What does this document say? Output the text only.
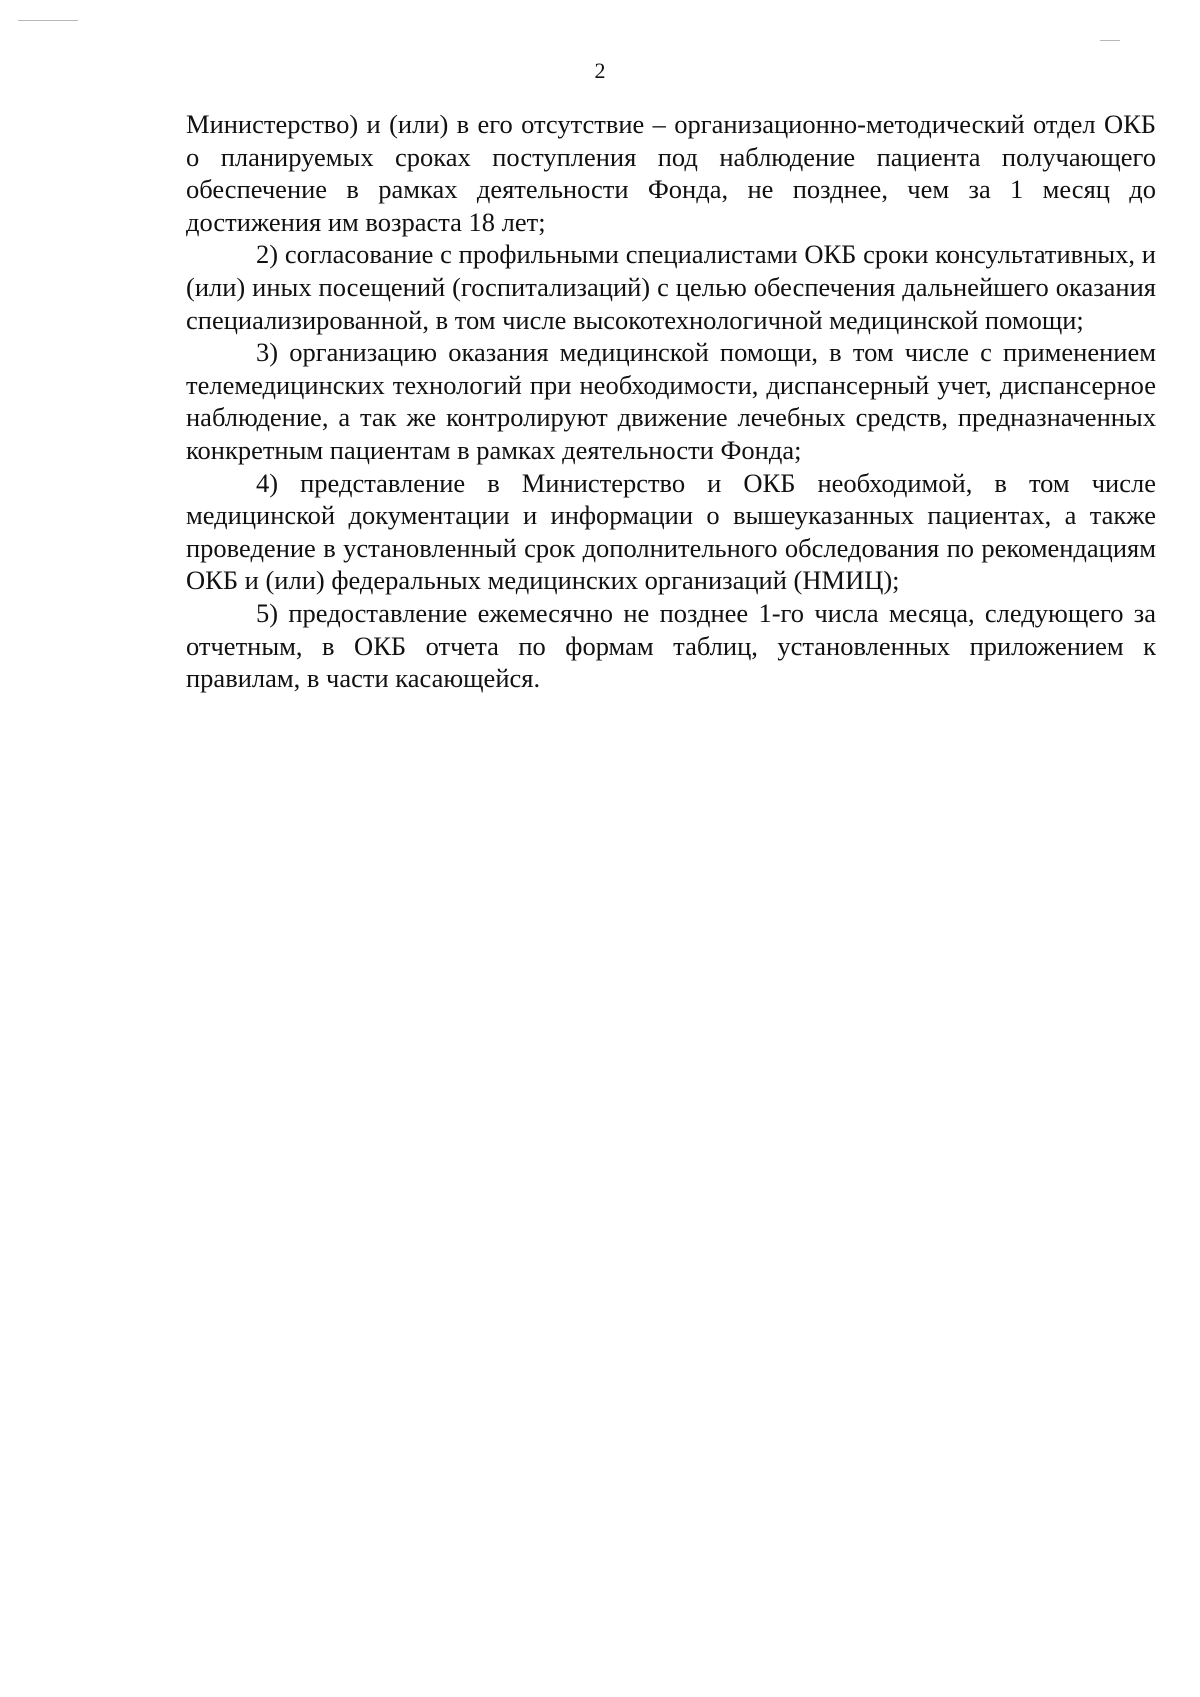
2

Министерство) и (или) в его отсутствие – организационно-методический отдел ОКБ о планируемых сроках поступления под наблюдение пациента получающего обеспечение в рамках деятельности Фонда, не позднее, чем за 1 месяц до достижения им возраста 18 лет;

2) согласование с профильными специалистами ОКБ сроки консультативных, и (или) иных посещений (госпитализаций) с целью обеспечения дальнейшего оказания специализированной, в том числе высокотехнологичной медицинской помощи;

3) организацию оказания медицинской помощи, в том числе с применением телемедицинских технологий при необходимости, диспансерный учет, диспансерное наблюдение, а так же контролируют движение лечебных средств, предназначенных конкретным пациентам в рамках деятельности Фонда;

4) представление в Министерство и ОКБ необходимой, в том числе медицинской документации и информации о вышеуказанных пациентах, а также проведение в установленный срок дополнительного обследования по рекомендациям ОКБ и (или) федеральных медицинских организаций (НМИЦ);

5) предоставление ежемесячно не позднее 1-го числа месяца, следующего за отчетным, в ОКБ отчета по формам таблиц, установленных приложением к правилам, в части касающейся.
